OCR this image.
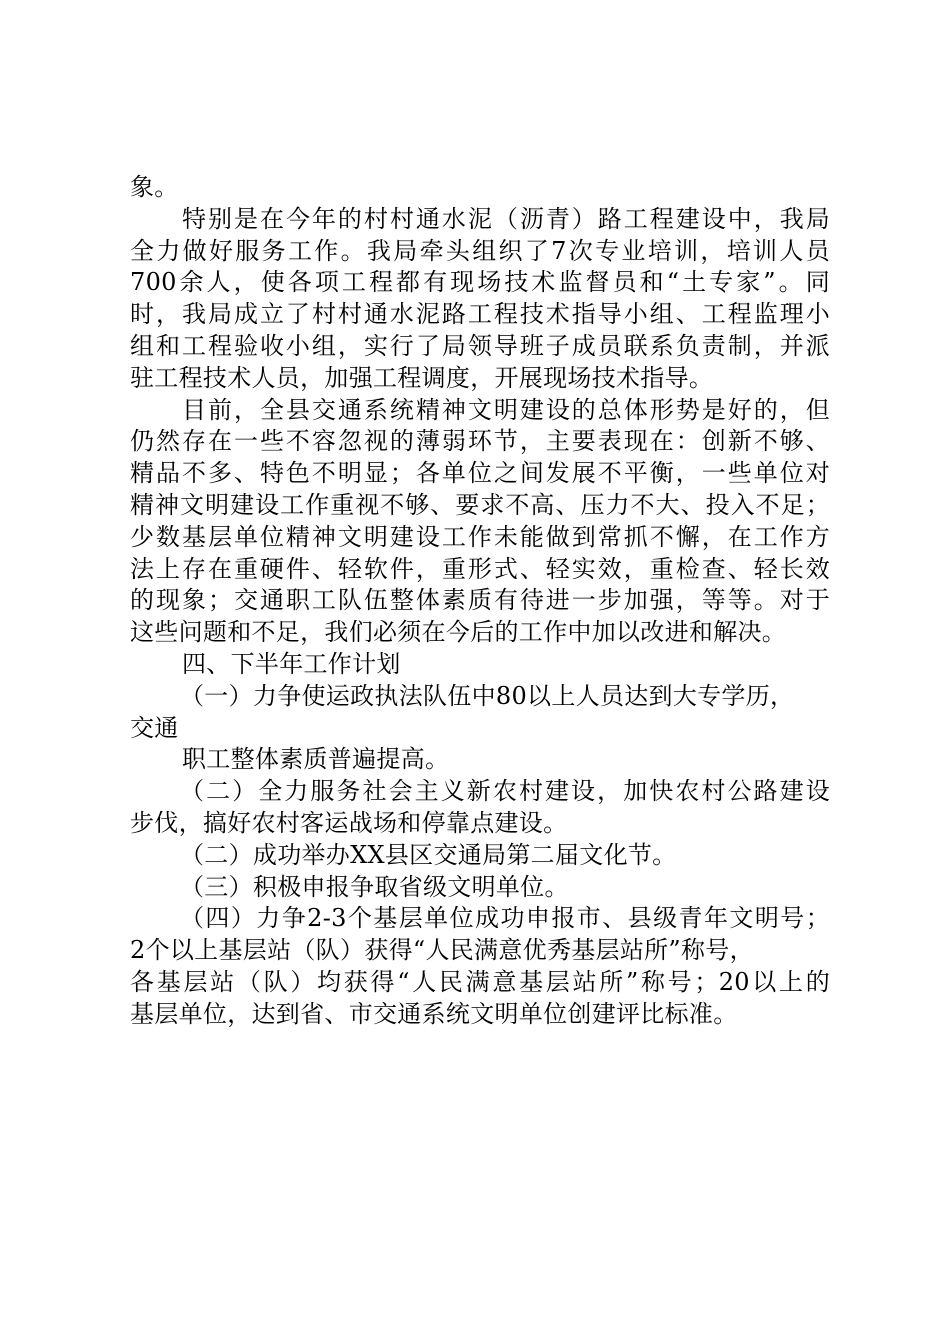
象。
特别是在今年的村村通水泥（沥青）路工程建设中，我局
全力做好服务工作。我局牵头组织了7次专业培训，培训人员
700余人，使各项工程都有现场技术监督员和“土专家”。同
时，我局成立了村村通水泥路工程技术指导小组、工程监理小
组和工程验收小组，实行了局领导班子成员联系负责制，并派
驻工程技术人员，加强工程调度，开展现场技术指导。
目前，全县交通系统精神文明建设的总体形势是好的，但
仍然存在一些不容忽视的薄弱环节，主要表现在：创新不够、
精品不多、特色不明显；各单位之间发展不平衡，一些单位对
精神文明建设工作重视不够、要求不高、压力不大、投入不足；
少数基层单位精神文明建设工作未能做到常抓不懈，在工作方
法上存在重硬件、轻软件，重形式、轻实效，重检查、轻长效
的现象；交通职工队伍整体素质有待进一步加强，等等。对于
这些问题和不足，我们必须在今后的工作中加以改进和解决。
四、下半年工作计划
（一）力争使运政执法队伍中80以上人员达到大专学历，
交通
职工整体素质普遍提高。
（二）全力服务社会主义新农村建设，加快农村公路建设
步伐，搞好农村客运战场和停靠点建设。
（二）成功举办XX县区交通局第二届文化节。
（三）积极申报争取省级文明单位。
（四）力争2-3个基层单位成功申报市、县级青年文明号；
2个以上基层站（队）获得“人民满意优秀基层站所”称号，
各基层站（队）均获得“人民满意基层站所”称号；20以上的
基层单位，达到省、市交通系统文明单位创建评比标准。
